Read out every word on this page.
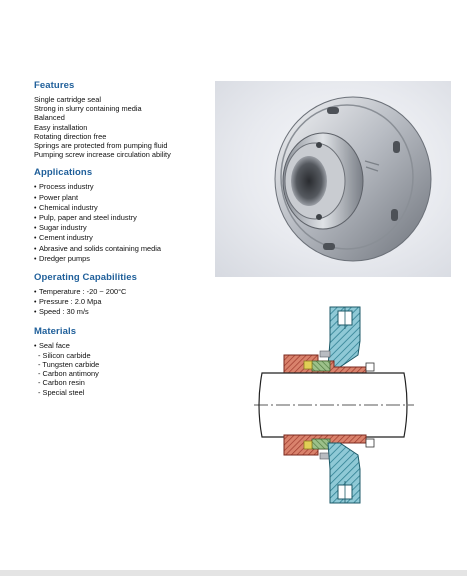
Features
Single cartridge seal
Strong in slurry containing media
Balanced
Easy installation
Rotating direction free
Springs are protected from pumping fluid
Pumping screw increase circulation ability
Applications
• Process industry
• Power plant
• Chemical industry
• Pulp, paper and steel industry
• Sugar industry
• Cement industry
• Abrasive and solids containing media
• Dredger pumps
Operating Capabilities
• Temperature : -20 ~ 200°C
• Pressure : 2.0 Mpa
• Speed : 30 m/s
Materials
• Seal face
- Silicon carbide
- Tungsten carbide
- Carbon antimony
- Carbon resin
- Special steel
